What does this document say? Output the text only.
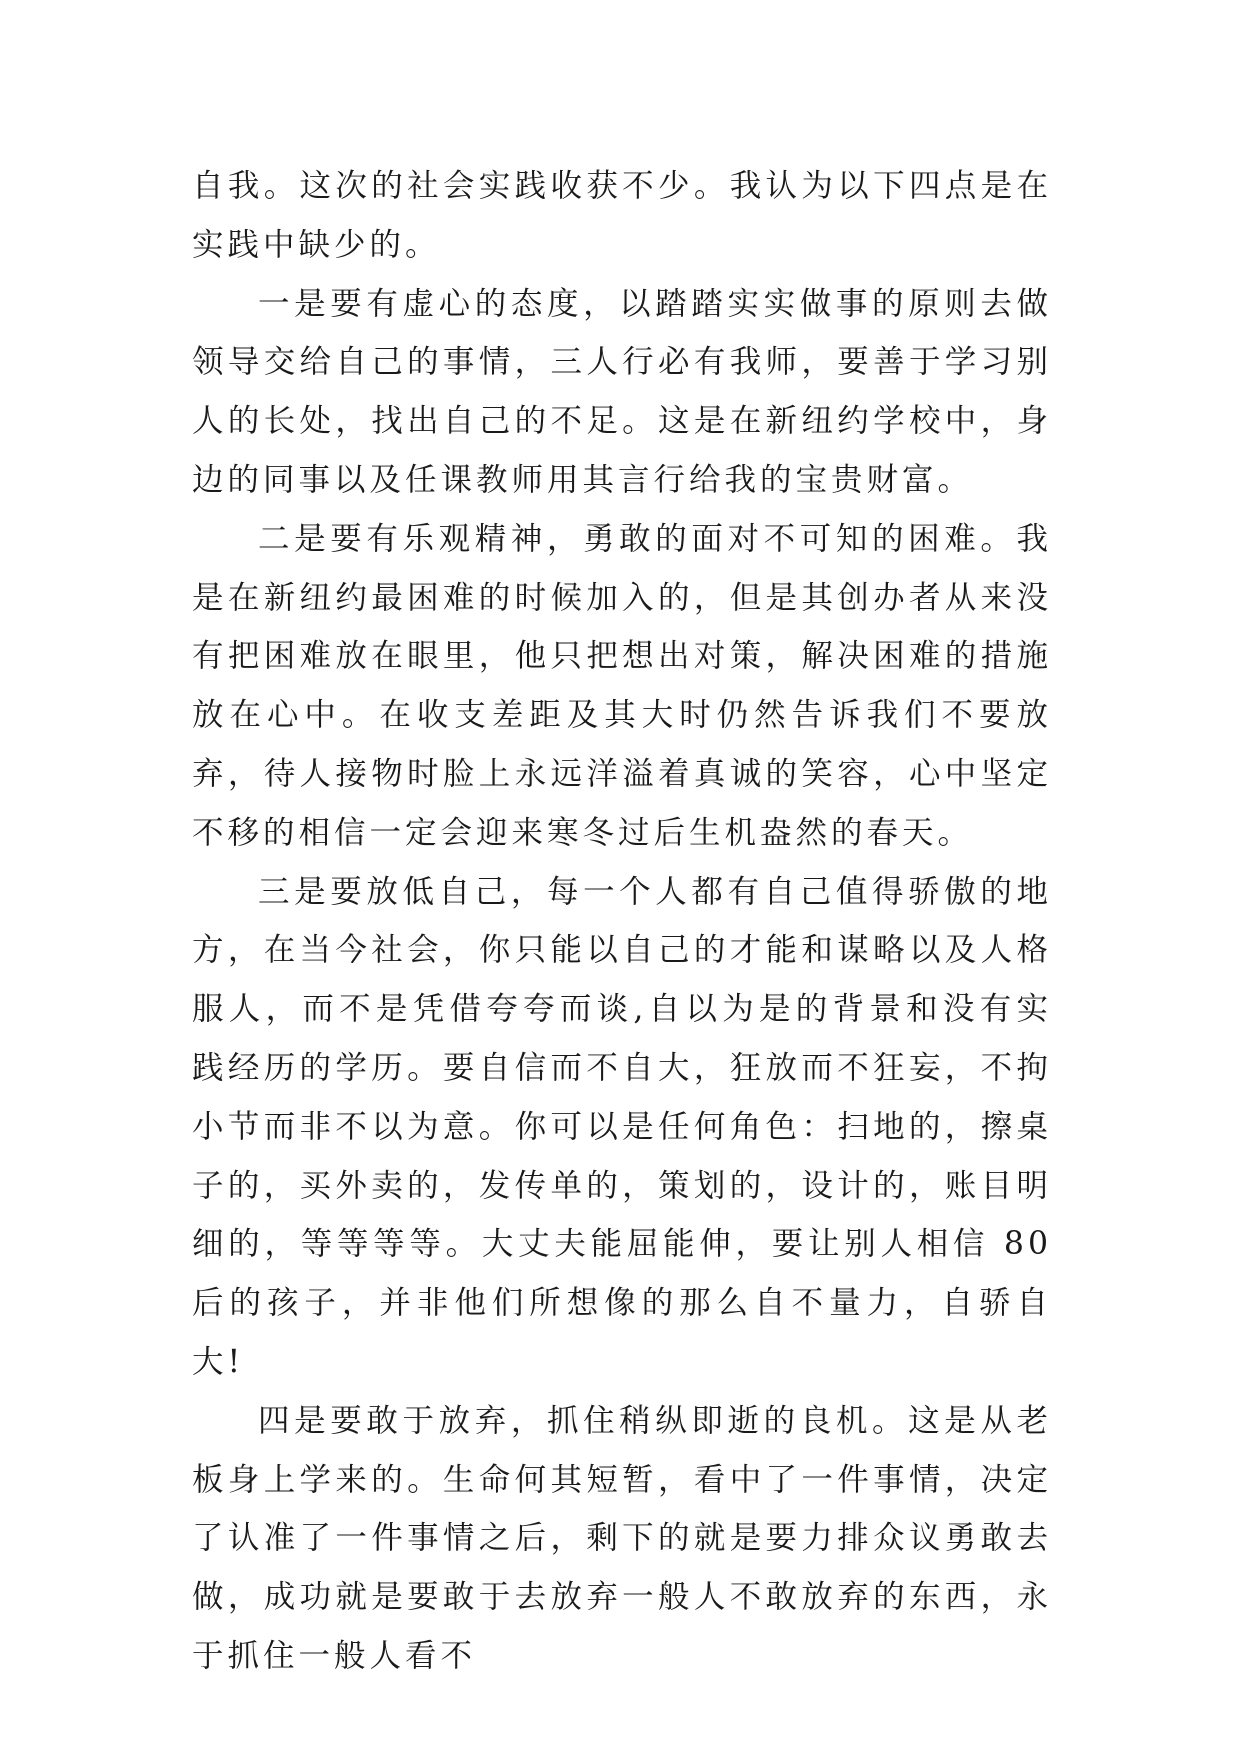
自我。这次的社会实践收获不少。我认为以下四点是在实践中缺少的。

一是要有虚心的态度，以踏踏实实做事的原则去做领导交给自己的事情，三人行必有我师，要善于学习别人的长处，找出自己的不足。这是在新纽约学校中，身边的同事以及任课教师用其言行给我的宝贵财富。

二是要有乐观精神，勇敢的面对不可知的困难。我是在新纽约最困难的时候加入的，但是其创办者从来没有把困难放在眼里，他只把想出对策，解决困难的措施放在心中。在收支差距及其大时仍然告诉我们不要放弃，待人接物时脸上永远洋溢着真诚的笑容，心中坚定不移的相信一定会迎来寒冬过后生机盎然的春天。

三是要放低自己，每一个人都有自己值得骄傲的地方，在当今社会，你只能以自己的才能和谋略以及人格服人，而不是凭借夸夸而谈,自以为是的背景和没有实践经历的学历。要自信而不自大，狂放而不狂妄，不拘小节而非不以为意。你可以是任何角色：扫地的，擦桌子的，买外卖的，发传单的，策划的，设计的，账目明细的，等等等等。大丈夫能屈能伸，要让别人相信 80 后的孩子，并非他们所想像的那么自不量力，自骄自大!

四是要敢于放弃，抓住稍纵即逝的良机。这是从老板身上学来的。生命何其短暂，看中了一件事情，决定了认准了一件事情之后，剩下的就是要力排众议勇敢去做，成功就是要敢于去放弃一般人不敢放弃的东西，永于抓住一般人看不
